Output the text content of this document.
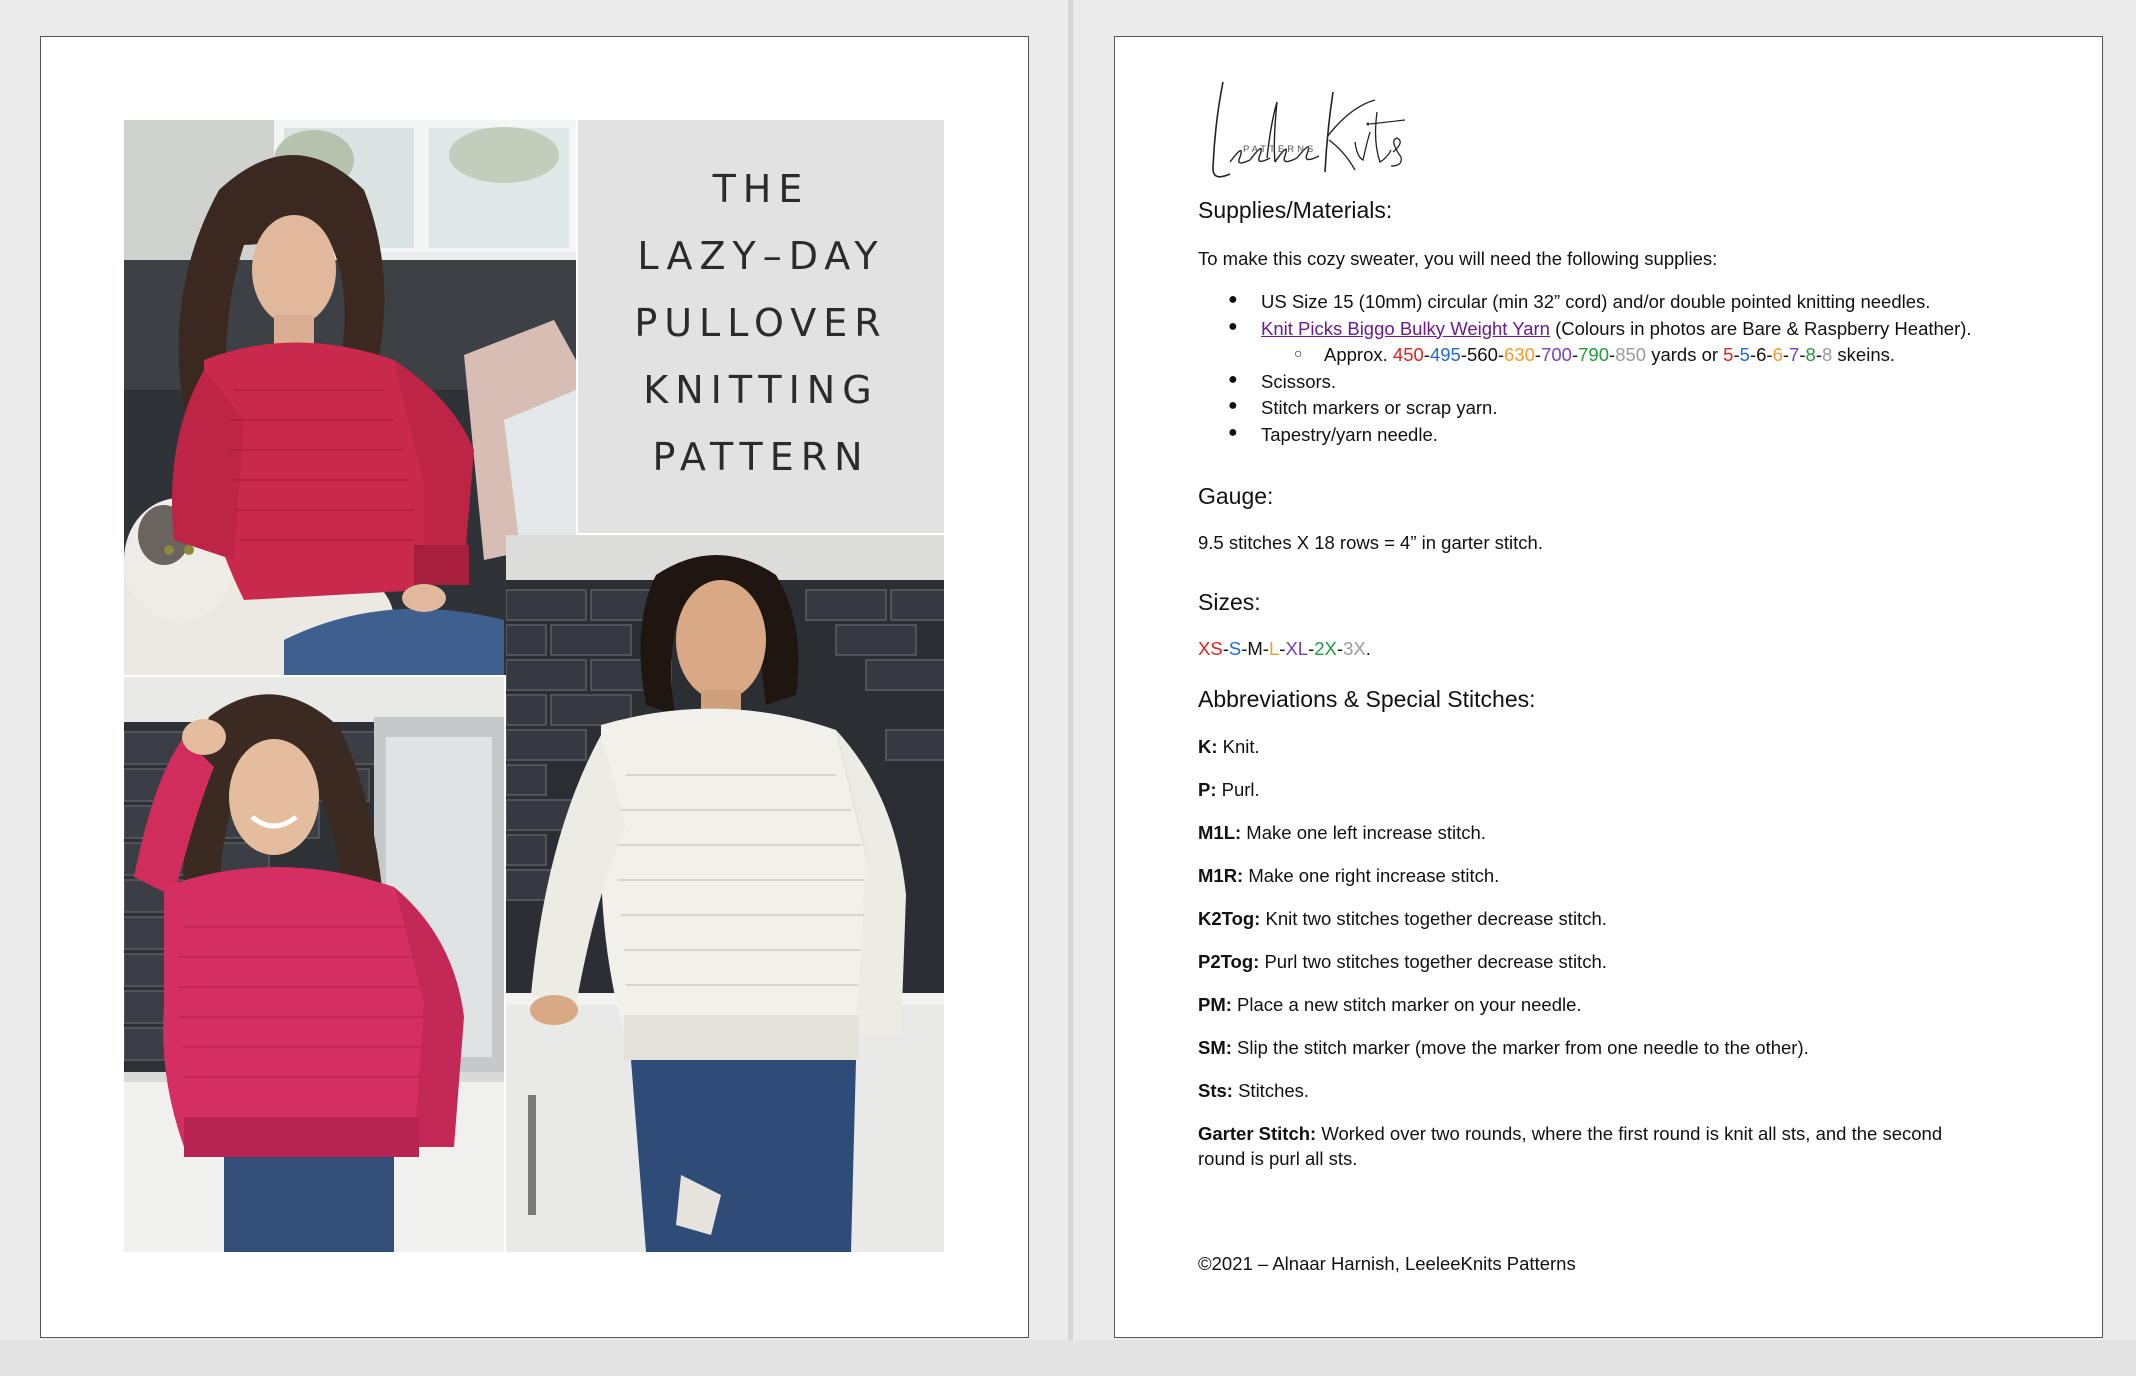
THE
LAZY–DAY
PULLOVER
KNITTING
PATTERN
PATTERNS
Supplies/Materials:
To make this cozy sweater, you will need the following supplies:
● US Size 15 (10mm) circular (min 32” cord) and/or double pointed knitting needles.
● Knit Picks Biggo Bulky Weight Yarn (Colours in photos are Bare & Raspberry Heather).
○ Approx. 450-495-560-630-700-790-850 yards or 5-5-6-6-7-8-8 skeins.
● Scissors.
● Stitch markers or scrap yarn.
● Tapestry/yarn needle.
Gauge:
9.5 stitches X 18 rows = 4” in garter stitch.
Sizes:
XS-S-M-L-XL-2X-3X.
Abbreviations & Special Stitches:
K: Knit.
P: Purl.
M1L: Make one left increase stitch.
M1R: Make one right increase stitch.
K2Tog: Knit two stitches together decrease stitch.
P2Tog: Purl two stitches together decrease stitch.
PM: Place a new stitch marker on your needle.
SM: Slip the stitch marker (move the marker from one needle to the other).
Sts: Stitches.
Garter Stitch: Worked over two rounds, where the first round is knit all sts, and the second
round is purl all sts.
©2021 – Alnaar Harnish, LeeleeKnits Patterns
